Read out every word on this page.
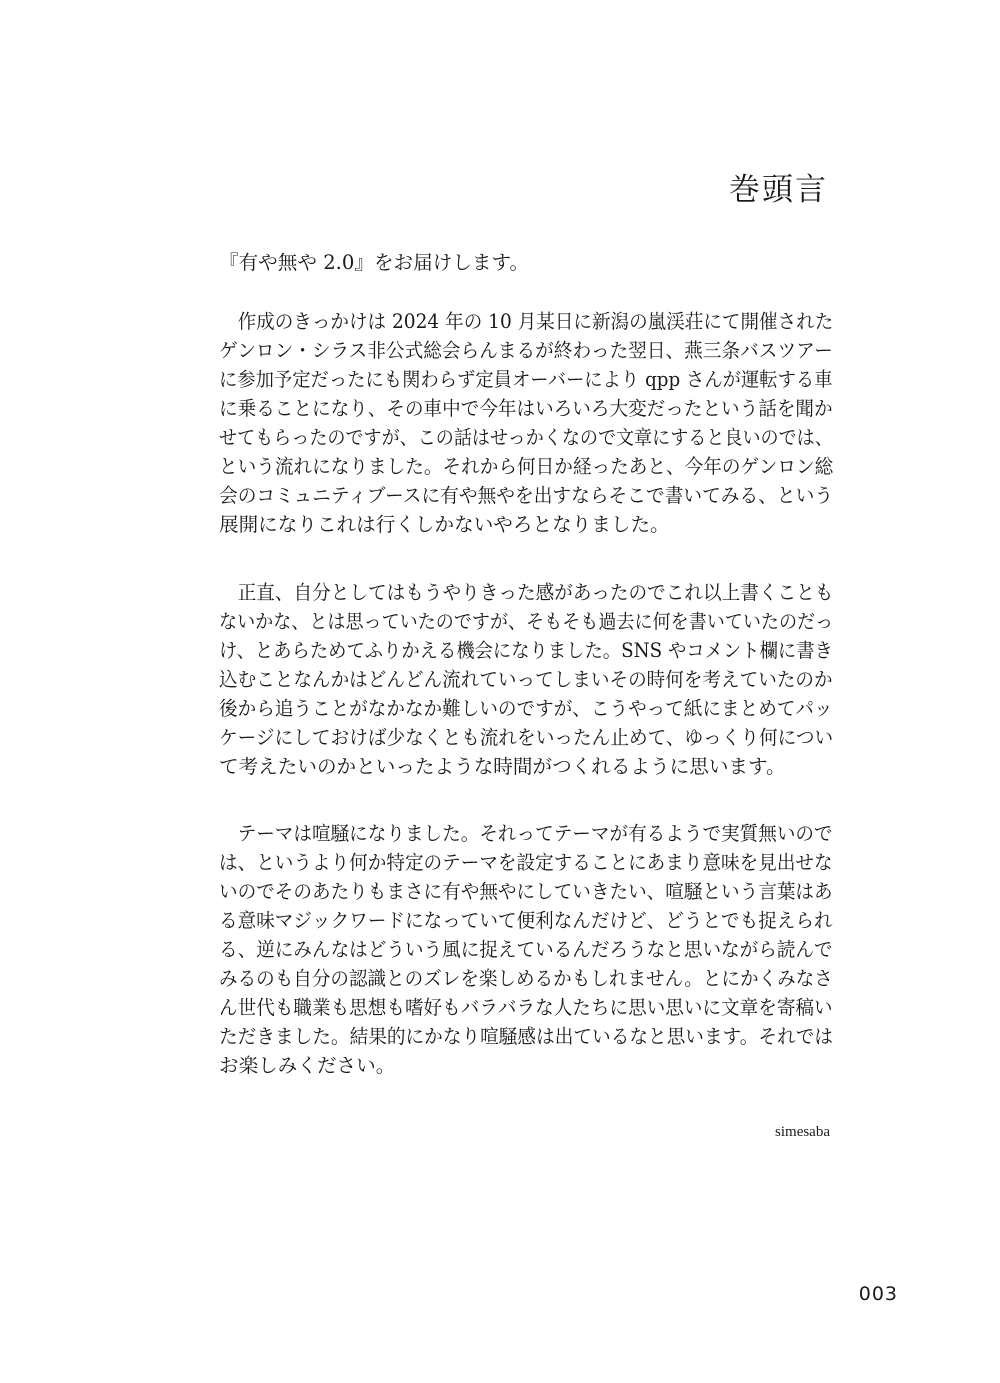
巻頭言

『有や無や 2.0』をお届けします。

　作成のきっかけは 2024 年の 10 月某日に新潟の嵐渓荘にて開催された
ゲンロン・シラス非公式総会らんまるが終わった翌日、燕三条バスツアー
に参加予定だったにも関わらず定員オーバーにより qpp さんが運転する車
に乗ることになり、その車中で今年はいろいろ大変だったという話を聞か
せてもらったのですが、この話はせっかくなので文章にすると良いのでは、
という流れになりました。それから何日か経ったあと、今年のゲンロン総
会のコミュニティブースに有や無やを出すならそこで書いてみる、という
展開になりこれは行くしかないやろとなりました。
　正直、自分としてはもうやりきった感があったのでこれ以上書くことも
ないかな、とは思っていたのですが、そもそも過去に何を書いていたのだっ
け、とあらためてふりかえる機会になりました。SNS やコメント欄に書き
込むことなんかはどんどん流れていってしまいその時何を考えていたのか
後から追うことがなかなか難しいのですが、こうやって紙にまとめてパッ
ケージにしておけば少なくとも流れをいったん止めて、ゆっくり何につい
て考えたいのかといったような時間がつくれるように思います。
　テーマは喧騒になりました。それってテーマが有るようで実質無いので
は、というより何か特定のテーマを設定することにあまり意味を見出せな
いのでそのあたりもまさに有や無やにしていきたい、喧騒という言葉はあ
る意味マジックワードになっていて便利なんだけど、どうとでも捉えられ
る、逆にみんなはどういう風に捉えているんだろうなと思いながら読んで
みるのも自分の認識とのズレを楽しめるかもしれません。とにかくみなさ
ん世代も職業も思想も嗜好もバラバラな人たちに思い思いに文章を寄稿い
ただきました。結果的にかなり喧騒感は出ているなと思います。それでは
お楽しみください。

simesaba

003
